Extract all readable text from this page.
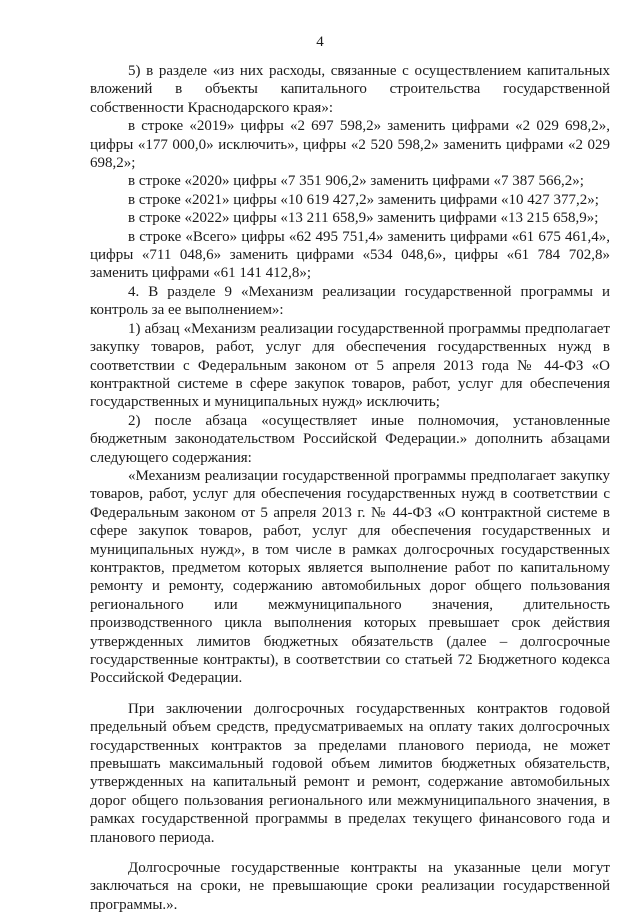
4

5) в разделе «из них расходы, связанные с осуществлением капитальных вложений в объекты капитального строительства государственной собственности Краснодарского края»:

в строке «2019» цифры «2 697 598,2» заменить цифрами «2 029 698,2», цифры «177 000,0» исключить», цифры «2 520 598,2» заменить цифрами «2 029 698,2»;

в строке «2020» цифры «7 351 906,2» заменить цифрами «7 387 566,2»;

в строке «2021» цифры «10 619 427,2» заменить цифрами «10 427 377,2»;

в строке «2022» цифры «13 211 658,9» заменить цифрами «13 215 658,9»;

в строке «Всего» цифры «62 495 751,4» заменить цифрами «61 675 461,4», цифры «711 048,6» заменить цифрами «534 048,6», цифры «61 784 702,8» заменить цифрами «61 141 412,8»;

4. В разделе 9 «Механизм реализации государственной программы и контроль за ее выполнением»:

1) абзац «Механизм реализации государственной программы предполагает закупку товаров, работ, услуг для обеспечения государственных нужд в соответствии с Федеральным законом от 5 апреля 2013 года № 44-ФЗ «О контрактной системе в сфере закупок товаров, работ, услуг для обеспечения государственных и муниципальных нужд» исключить;

2) после абзаца «осуществляет иные полномочия, установленные бюджетным законодательством Российской Федерации.» дополнить абзацами следующего содержания:

«Механизм реализации государственной программы предполагает закупку товаров, работ, услуг для обеспечения государственных нужд в соответствии с Федеральным законом от 5 апреля 2013 г. № 44-ФЗ «О контрактной системе в сфере закупок товаров, работ, услуг для обеспечения государственных и муниципальных нужд», в том числе в рамках долгосрочных государственных контрактов, предметом которых является выполнение работ по капитальному ремонту и ремонту, содержанию автомобильных дорог общего пользования регионального или межмуниципального значения, длительность производственного цикла выполнения которых превышает срок действия утвержденных лимитов бюджетных обязательств (далее – долгосрочные государственные контракты), в соответствии со статьей 72 Бюджетного кодекса Российской Федерации.

При заключении долгосрочных государственных контрактов годовой предельный объем средств, предусматриваемых на оплату таких долгосрочных государственных контрактов за пределами планового периода, не может превышать максимальный годовой объем лимитов бюджетных обязательств, утвержденных на капитальный ремонт и ремонт, содержание автомобильных дорог общего пользования регионального или межмуниципального значения, в рамках государственной программы в пределах текущего финансового года и планового периода.

Долгосрочные государственные контракты на указанные цели могут заключаться на сроки, не превышающие сроки реализации государственной программы.».
